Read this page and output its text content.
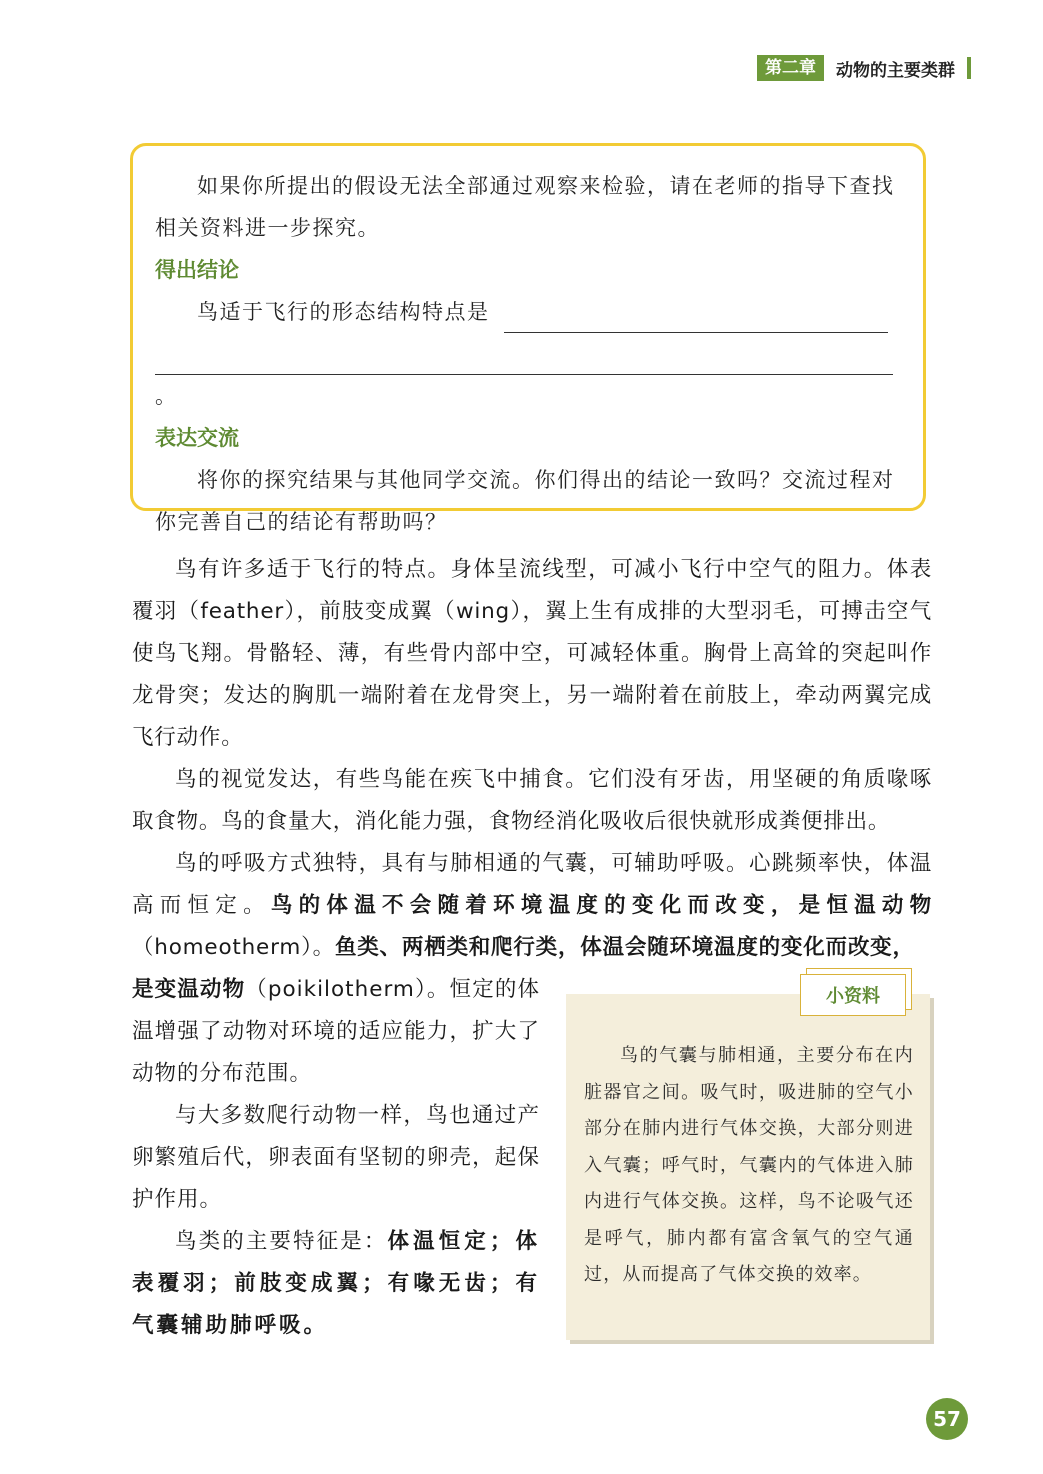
第二章	动物的主要类群

如果你所提出的假设无法全部通过观察来检验，请在老师的指导下查找相关资料进一步探究。

得出结论

鸟适于飞行的形态结构特点是

。

表达交流

将你的探究结果与其他同学交流。你们得出的结论一致吗？交流过程对你完善自己的结论有帮助吗？

鸟有许多适于飞行的特点。身体呈流线型，可减小飞行中空气的阻力。体表覆羽（feather），前肢变成翼（wing），翼上生有成排的大型羽毛，可搏击空气使鸟飞翔。骨骼轻、薄，有些骨内部中空，可减轻体重。胸骨上高耸的突起叫作龙骨突；发达的胸肌一端附着在龙骨突上，另一端附着在前肢上，牵动两翼完成飞行动作。

鸟的视觉发达，有些鸟能在疾飞中捕食。它们没有牙齿，用坚硬的角质喙啄取食物。鸟的食量大，消化能力强，食物经消化吸收后很快就形成粪便排出。

鸟的呼吸方式独特，具有与肺相通的气囊，可辅助呼吸。心跳频率快，体温高而恒定。鸟的体温不会随着环境温度的变化而改变，是恒温动物（homeotherm）。鱼类、两栖类和爬行类，体温会随环境温度的变化而改变，

是变温动物（poikilotherm）。恒定的体温增强了动物对环境的适应能力，扩大了动物的分布范围。

与大多数爬行动物一样，鸟也通过产卵繁殖后代，卵表面有坚韧的卵壳，起保护作用。

鸟类的主要特征是：体温恒定；体表覆羽；前肢变成翼；有喙无齿；有气囊辅助肺呼吸。

小资料

鸟的气囊与肺相通，主要分布在内脏器官之间。吸气时，吸进肺的空气小部分在肺内进行气体交换，大部分则进入气囊；呼气时，气囊内的气体进入肺内进行气体交换。这样，鸟不论吸气还是呼气，肺内都有富含氧气的空气通过，从而提高了气体交换的效率。

57
